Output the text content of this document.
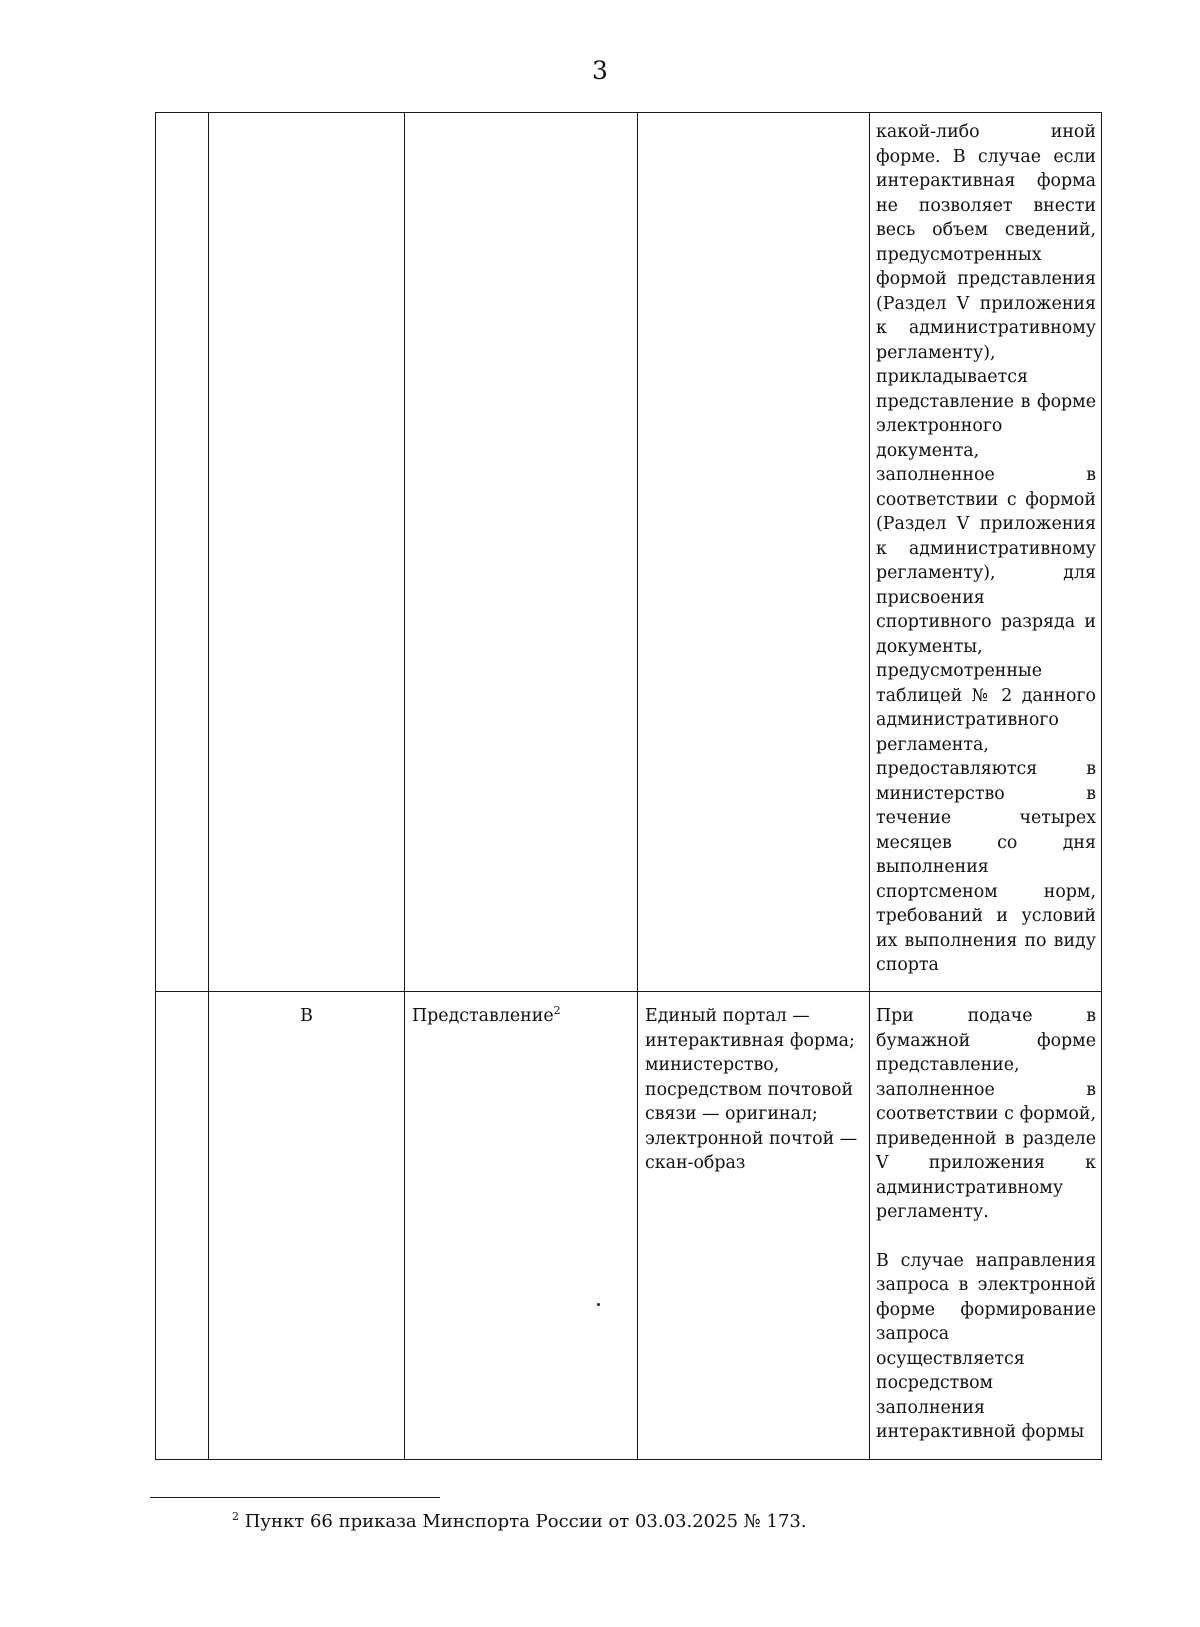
3
				какой-либо иной форме. В случае если интерактивная форма не позволяет внести весь объем сведений, предусмотренных формой представления (Раздел V приложения к административному регламенту), прикладывается представление в форме электронного документа, заполненное в соответствии с формой (Раздел V приложения к административному регламенту), для присвоения спортивного разряда и документы, предусмотренные таблицей № 2 данного административного регламента, предоставляются в министерство в течение четырех месяцев со дня выполнения спортсменом норм, требований и условий их выполнения по виду спорта
	В	Представление$^2$	Единый портал — интерактивная форма; министерство, посредством почтовой связи — оригинал; электронной почтой — скан-образ	При подаче в бумажной форме представление, заполненное в соответствии с формой, приведенной в разделе V приложения к административному регламенту.
В случае направления запроса в электронной форме формирование запроса осуществляется посредством заполнения интерактивной формы
$^2$ Пункт 66 приказа Минспорта России от 03.03.2025 № 173.
